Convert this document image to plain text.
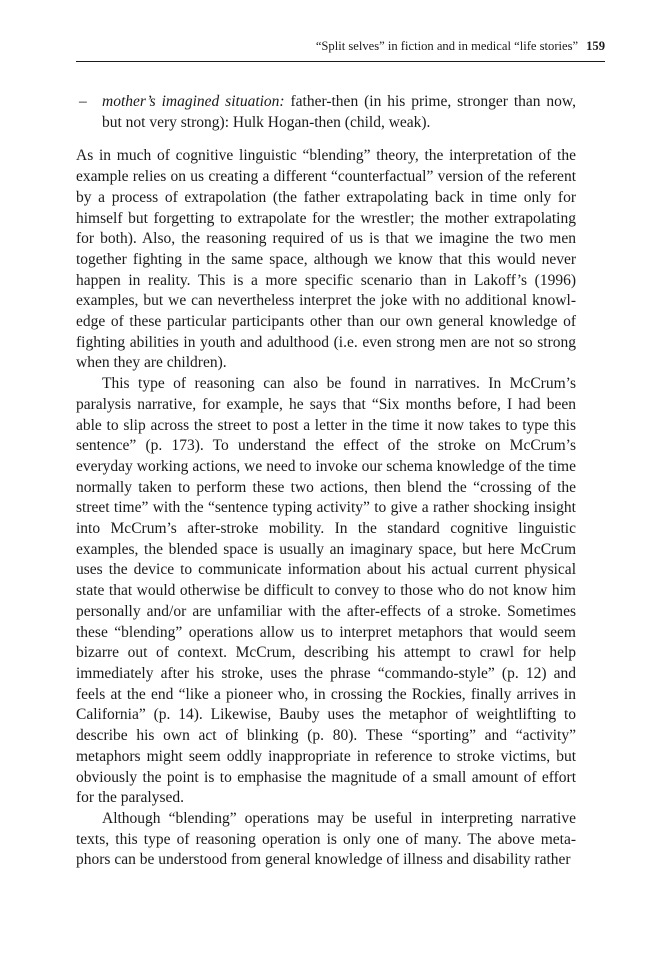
“Split selves” in fiction and in medical “life stories” 159

– mother’s imagined situation: father-then (in his prime, stronger than now, but not very strong): Hulk Hogan-then (child, weak).

As in much of cognitive linguistic “blending” theory, the interpretation of the example relies on us creating a different “counterfactual” version of the referent by a process of extrapolation (the father extrapolating back in time only for himself but forgetting to extrapolate for the wrestler; the mother extrapolating for both). Also, the reasoning required of us is that we imagine the two men together fighting in the same space, although we know that this would never happen in reality. This is a more specific scenario than in Lakoff’s (1996) examples, but we can nevertheless interpret the joke with no additional knowledge of these particular participants other than our own general knowledge of fighting abilities in youth and adulthood (i.e. even strong men are not so strong when they are children).

This type of reasoning can also be found in narratives. In McCrum’s paralysis narrative, for example, he says that “Six months before, I had been able to slip across the street to post a letter in the time it now takes to type this sentence” (p. 173). To understand the effect of the stroke on McCrum’s everyday working actions, we need to invoke our schema knowledge of the time normally taken to perform these two actions, then blend the “crossing of the street time” with the “sentence typing activity” to give a rather shocking insight into McCrum’s after-stroke mobility. In the standard cognitive linguistic examples, the blended space is usually an imaginary space, but here McCrum uses the device to communicate information about his actual current physical state that would otherwise be difficult to convey to those who do not know him personally and/or are unfamiliar with the after-effects of a stroke. Sometimes these “blending” operations allow us to interpret metaphors that would seem bizarre out of context. McCrum, describing his attempt to crawl for help immediately after his stroke, uses the phrase “commando-style” (p. 12) and feels at the end “like a pioneer who, in crossing the Rockies, finally arrives in California” (p. 14). Likewise, Bauby uses the metaphor of weightlifting to describe his own act of blinking (p. 80). These “sporting” and “activity” metaphors might seem oddly inappropriate in reference to stroke victims, but obviously the point is to emphasise the magnitude of a small amount of effort for the paralysed.

Although “blending” operations may be useful in interpreting narrative texts, this type of reasoning operation is only one of many. The above metaphors can be understood from general knowledge of illness and disability rather
